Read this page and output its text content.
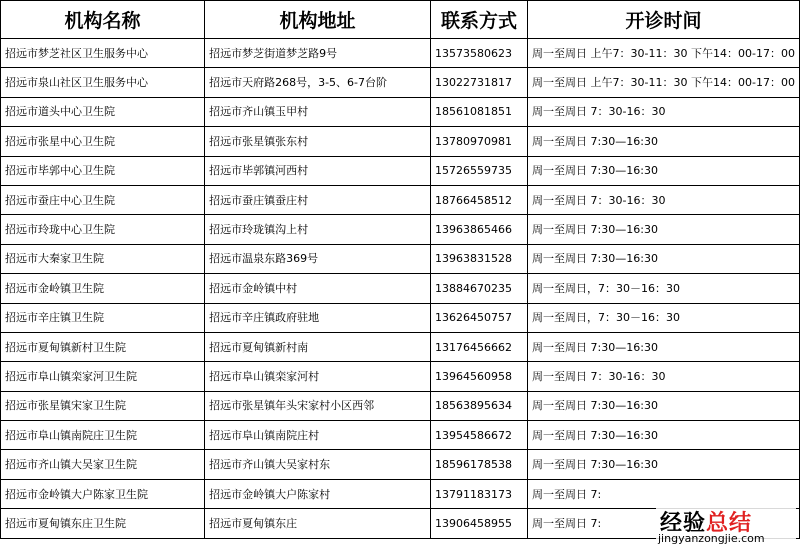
机构名称	机构地址	联系方式	开诊时间
招远市梦芝社区卫生服务中心	招远市梦芝街道梦芝路9号	13573580623	周一至周日 上午7：30-11：30 下午14：00-17：00
招远市泉山社区卫生服务中心	招远市天府路268号，3-5、6-7台阶	13022731817	周一至周日 上午7：30-11：30 下午14：00-17：00
招远市道头中心卫生院	招远市齐山镇玉甲村	18561081851	周一至周日 7：30-16：30
招远市张星中心卫生院	招远市张星镇张东村	13780970981	周一至周日 7:30—16:30
招远市毕郭中心卫生院	招远市毕郭镇河西村	15726559735	周一至周日 7:30—16:30
招远市蚕庄中心卫生院	招远市蚕庄镇蚕庄村	18766458512	周一至周日 7：30-16：30
招远市玲珑中心卫生院	招远市玲珑镇沟上村	13963865466	周一至周日 7:30—16:30
招远市大秦家卫生院	招远市温泉东路369号	13963831528	周一至周日 7:30—16:30
招远市金岭镇卫生院	招远市金岭镇中村	13884670235	周一至周日，7：30－16：30
招远市辛庄镇卫生院	招远市辛庄镇政府驻地	13626450757	周一至周日，7：30－16：30
招远市夏甸镇新村卫生院	招远市夏甸镇新村南	13176456662	周一至周日 7:30—16:30
招远市阜山镇栾家河卫生院	招远市阜山镇栾家河村	13964560958	周一至周日 7：30-16：30
招远市张星镇宋家卫生院	招远市张星镇年头宋家村小区西邻	18563895634	周一至周日 7:30—16:30
招远市阜山镇南院庄卫生院	招远市阜山镇南院庄村	13954586672	周一至周日 7:30—16:30
招远市齐山镇大吴家卫生院	招远市齐山镇大吴家村东	18596178538	周一至周日 7:30—16:30
招远市金岭镇大户陈家卫生院	招远市金岭镇大户陈家村	13791183173	周一至周日 7:
招远市夏甸镇东庄卫生院	招远市夏甸镇东庄	13906458955	周一至周日 7:	经验总结
jingyanzongjie.com
